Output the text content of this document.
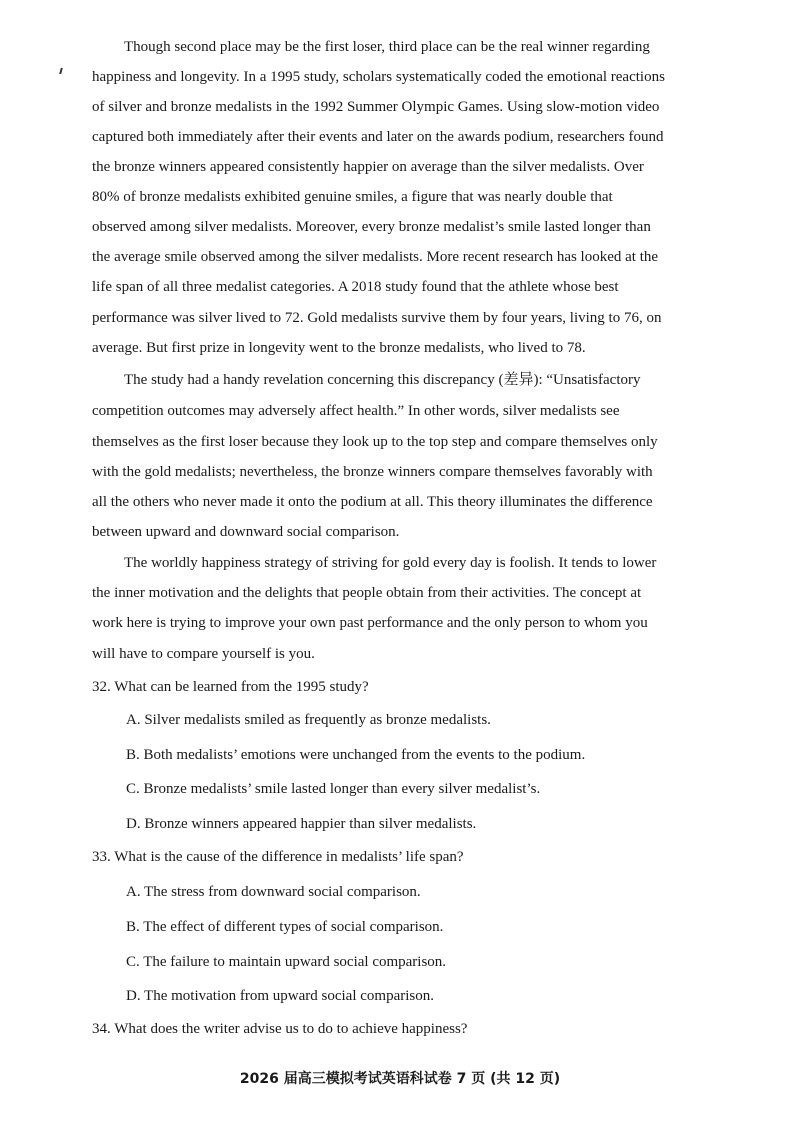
Though second place may be the first loser, third place can be the real winner regarding
happiness and longevity. In a 1995 study, scholars systematically coded the emotional reactions
of silver and bronze medalists in the 1992 Summer Olympic Games. Using slow-motion video
captured both immediately after their events and later on the awards podium, researchers found
the bronze winners appeared consistently happier on average than the silver medalists. Over
80% of bronze medalists exhibited genuine smiles, a figure that was nearly double that
observed among silver medalists. Moreover, every bronze medalist’s smile lasted longer than
the average smile observed among the silver medalists. More recent research has looked at the
life span of all three medalist categories. A 2018 study found that the athlete whose best
performance was silver lived to 72. Gold medalists survive them by four years, living to 76, on
average. But first prize in longevity went to the bronze medalists, who lived to 78.
The study had a handy revelation concerning this discrepancy (差异): “Unsatisfactory
competition outcomes may adversely affect health.” In other words, silver medalists see
themselves as the first loser because they look up to the top step and compare themselves only
with the gold medalists; nevertheless, the bronze winners compare themselves favorably with
all the others who never made it onto the podium at all. This theory illuminates the difference
between upward and downward social comparison.
The worldly happiness strategy of striving for gold every day is foolish. It tends to lower
the inner motivation and the delights that people obtain from their activities. The concept at
work here is trying to improve your own past performance and the only person to whom you
will have to compare yourself is you.
32. What can be learned from the 1995 study?
A. Silver medalists smiled as frequently as bronze medalists.
B. Both medalists’ emotions were unchanged from the events to the podium.
C. Bronze medalists’ smile lasted longer than every silver medalist’s.
D. Bronze winners appeared happier than silver medalists.
33. What is the cause of the difference in medalists’ life span?
A. The stress from downward social comparison.
B. The effect of different types of social comparison.
C. The failure to maintain upward social comparison.
D. The motivation from upward social comparison.
34. What does the writer advise us to do to achieve happiness?
2026 届高三模拟考试英语科试卷 7 页 (共 12 页)
